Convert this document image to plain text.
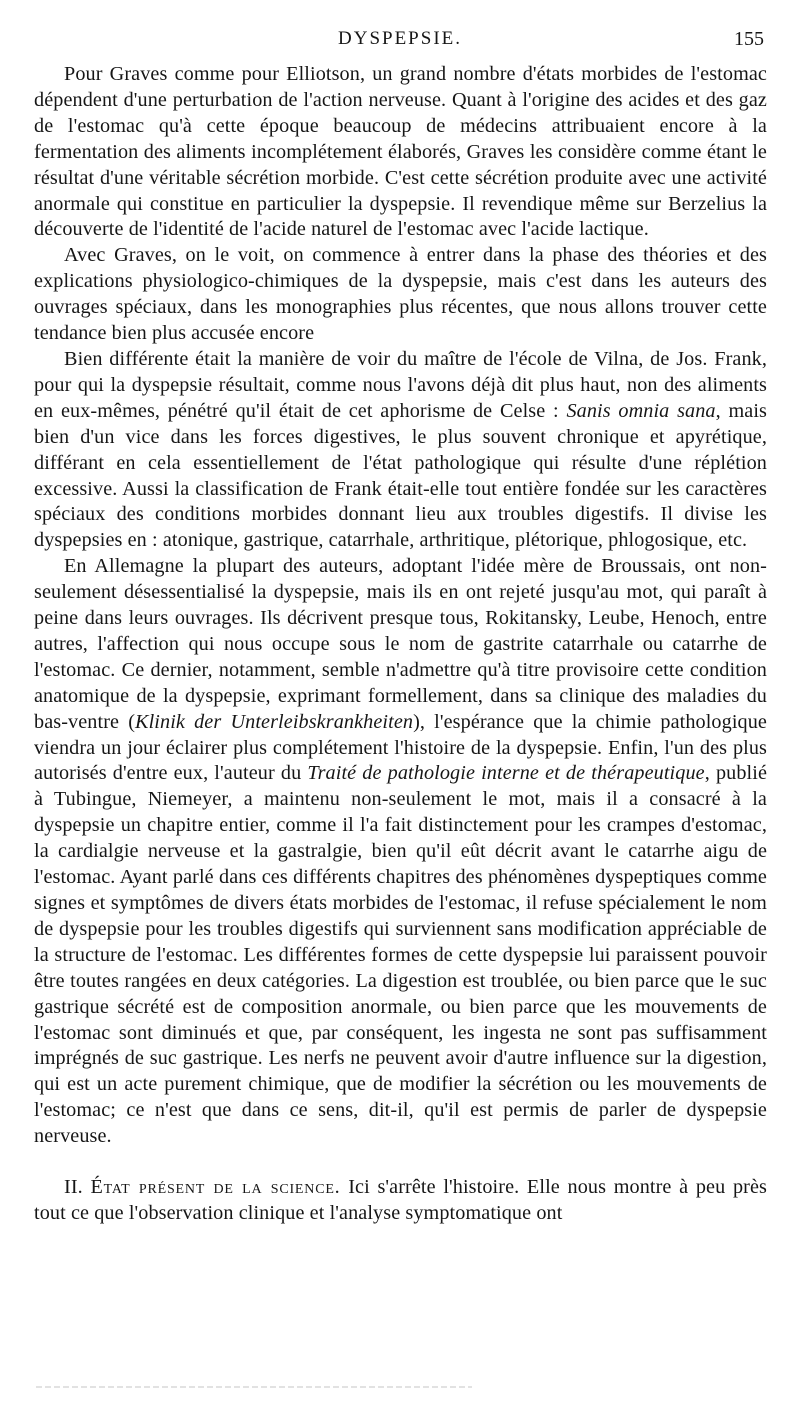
DYSPEPSIE.	155

Pour Graves comme pour Elliotson, un grand nombre d'états morbides de l'estomac dépendent d'une perturbation de l'action nerveuse. Quant à l'origine des acides et des gaz de l'estomac qu'à cette époque beaucoup de médecins attribuaient encore à la fermentation des aliments incomplétement élaborés, Graves les considère comme étant le résultat d'une véritable sécrétion morbide. C'est cette sécrétion produite avec une activité anormale qui constitue en particulier la dyspepsie. Il revendique même sur Berzelius la découverte de l'identité de l'acide naturel de l'estomac avec l'acide lactique.

Avec Graves, on le voit, on commence à entrer dans la phase des théories et des explications physiologico-chimiques de la dyspepsie, mais c'est dans les auteurs des ouvrages spéciaux, dans les monographies plus récentes, que nous allons trouver cette tendance bien plus accusée encore

Bien différente était la manière de voir du maître de l'école de Vilna, de Jos. Frank, pour qui la dyspepsie résultait, comme nous l'avons déjà dit plus haut, non des aliments en eux-mêmes, pénétré qu'il était de cet aphorisme de Celse : Sanis omnia sana, mais bien d'un vice dans les forces digestives, le plus souvent chronique et apyrétique, différant en cela essentiellement de l'état pathologique qui résulte d'une réplétion excessive. Aussi la classification de Frank était-elle tout entière fondée sur les caractères spéciaux des conditions morbides donnant lieu aux troubles digestifs. Il divise les dyspepsies en : atonique, gastrique, catarrhale, arthritique, plétorique, phlogosique, etc.

En Allemagne la plupart des auteurs, adoptant l'idée mère de Broussais, ont non-seulement désessentialisé la dyspepsie, mais ils en ont rejeté jusqu'au mot, qui paraît à peine dans leurs ouvrages. Ils décrivent presque tous, Rokitansky, Leube, Henoch, entre autres, l'affection qui nous occupe sous le nom de gastrite catarrhale ou catarrhe de l'estomac. Ce dernier, notamment, semble n'admettre qu'à titre provisoire cette condition anatomique de la dyspepsie, exprimant formellement, dans sa clinique des maladies du bas-ventre (Klinik der Unterleibskrankheiten), l'espérance que la chimie pathologique viendra un jour éclairer plus complétement l'histoire de la dyspepsie. Enfin, l'un des plus autorisés d'entre eux, l'auteur du Traité de pathologie interne et de thérapeutique, publié à Tubingue, Niemeyer, a maintenu non-seulement le mot, mais il a consacré à la dyspepsie un chapitre entier, comme il l'a fait distinctement pour les crampes d'estomac, la cardialgie nerveuse et la gastralgie, bien qu'il eût décrit avant le catarrhe aigu de l'estomac. Ayant parlé dans ces différents chapitres des phénomènes dyspeptiques comme signes et symptômes de divers états morbides de l'estomac, il refuse spécialement le nom de dyspepsie pour les troubles digestifs qui surviennent sans modification appréciable de la structure de l'estomac. Les différentes formes de cette dyspepsie lui paraissent pouvoir être toutes rangées en deux catégories. La digestion est troublée, ou bien parce que le suc gastrique sécrété est de composition anormale, ou bien parce que les mouvements de l'estomac sont diminués et que, par conséquent, les ingesta ne sont pas suffisamment imprégnés de suc gastrique. Les nerfs ne peuvent avoir d'autre influence sur la digestion, qui est un acte purement chimique, que de modifier la sécrétion ou les mouvements de l'estomac; ce n'est que dans ce sens, dit-il, qu'il est permis de parler de dyspepsie nerveuse.

II. État présent de la science. Ici s'arrête l'histoire. Elle nous montre à peu près tout ce que l'observation clinique et l'analyse symptomatique ont
